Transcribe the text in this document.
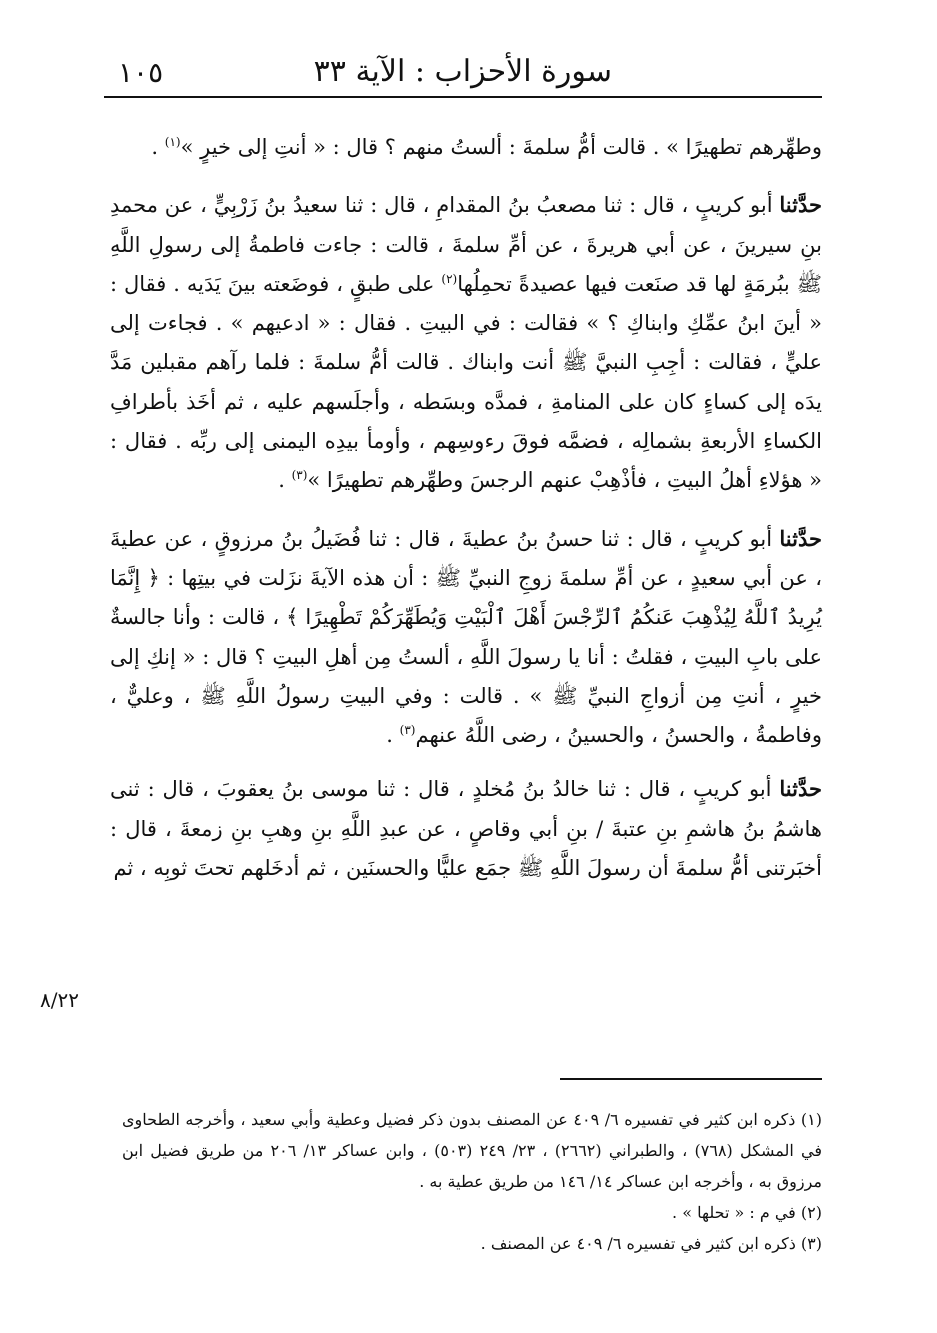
سورة الأحزاب : الآية ٣٣
١٠٥

وطهِّرهم تطهيرًا » . قالت أمُّ سلمةَ : ألستُ منهم ؟ قال : « أنتِ إلى خيرٍ »$^{(١)}$ .

حدَّثنا أبو كريبٍ ، قال : ثنا مصعبُ بنُ المقدامِ ، قال : ثنا سعيدُ بنُ زَرْبِيٍّ ، عن محمدِ بنِ سيرينَ ، عن أبي هريرةَ ، عن أمِّ سلمةَ ، قالت : جاءت فاطمةُ إلى رسولِ اللَّهِ ﷺ ببُرمَةٍ لها قد صنَعت فيها عصيدةً تحمِلُها$^{(٢)}$ على طبقٍ ، فوضَعته بينَ يَدَيه . فقال : « أينَ ابنُ عمِّكِ وابناكِ ؟ » فقالت : في البيتِ . فقال : « ادعيهم » . فجاءت إلى عليٍّ ، فقالت : أجِبِ النبيَّ ﷺ أنت وابناك . قالت أمُّ سلمةَ : فلما رآهم مقبلين مَدَّ يدَه إلى كساءٍ كان على المنامةِ ، فمدَّه وبسَطه ، وأجلَسهم عليه ، ثم أخَذ بأطرافِ الكساءِ الأربعةِ بشمالِه ، فضمَّه فوقَ رءوسِهم ، وأومأ بيدِه اليمنى إلى ربِّه . فقال : « هؤلاءِ أهلُ البيتِ ، فأذْهِبْ عنهم الرجسَ وطهِّرهم تطهيرًا »$^{(٣)}$ .

حدَّثنا أبو كريبٍ ، قال : ثنا حسنُ بنُ عطيةَ ، قال : ثنا فُضَيلُ بنُ مرزوقٍ ، عن عطيةَ ، عن أبي سعيدٍ ، عن أمِّ سلمةَ زوجِ النبيِّ ﷺ : أن هذه الآيةَ نزَلت في بيتِها : ﴿ إِنَّمَا يُرِيدُ ٱللَّهُ لِيُذْهِبَ عَنكُمُ ٱلرِّجْسَ أَهْلَ ٱلْبَيْتِ وَيُطَهِّرَكُمْ تَطْهِيرًا ﴾ ، قالت : وأنا جالسةٌ على بابِ البيتِ ، فقلتُ : أنا يا رسولَ اللَّهِ ، ألستُ مِن أهلِ البيتِ ؟ قال : « إنكِ إلى خيرٍ ، أنتِ مِن أزواجِ النبيِّ ﷺ » . قالت : وفي البيتِ رسولُ اللَّهِ ﷺ ، وعليٌّ ، وفاطمةُ ، والحسنُ ، والحسينُ ، رضى اللَّهُ عنهم$^{(٣)}$ .

حدَّثنا أبو كريبٍ ، قال : ثنا خالدُ بنُ مُخلدٍ ، قال : ثنا موسى بنُ يعقوبَ ، قال : ثنى هاشمُ بنُ هاشمِ بنِ عتبةَ / بنِ أبي وقاصٍ ، عن عبدِ اللَّهِ بنِ وهبِ بنِ زمعةَ ، قال : أخبَرتنى أمُّ سلمةَ أن رسولَ اللَّهِ ﷺ جمَع عليًّا والحسنَين ، ثم أدخَلهم تحتَ ثوبِه ، ثم

٨/٢٢

(١) ذكره ابن كثير في تفسيره ٦/ ٤٠٩ عن المصنف بدون ذكر فضيل وعطية وأبي سعيد ، وأخرجه الطحاوى في المشكل (٧٦٨) ، والطبراني (٢٦٦٢) ، ٢٣/ ٢٤٩ (٥٠٣) ، وابن عساكر ١٣/ ٢٠٦ من طريق فضيل ابن مرزوق به ، وأخرجه ابن عساكر ١٤/ ١٤٦ من طريق عطية به .

(٢) في م : « تحلها » .

(٣) ذكره ابن كثير في تفسيره ٦/ ٤٠٩ عن المصنف .
